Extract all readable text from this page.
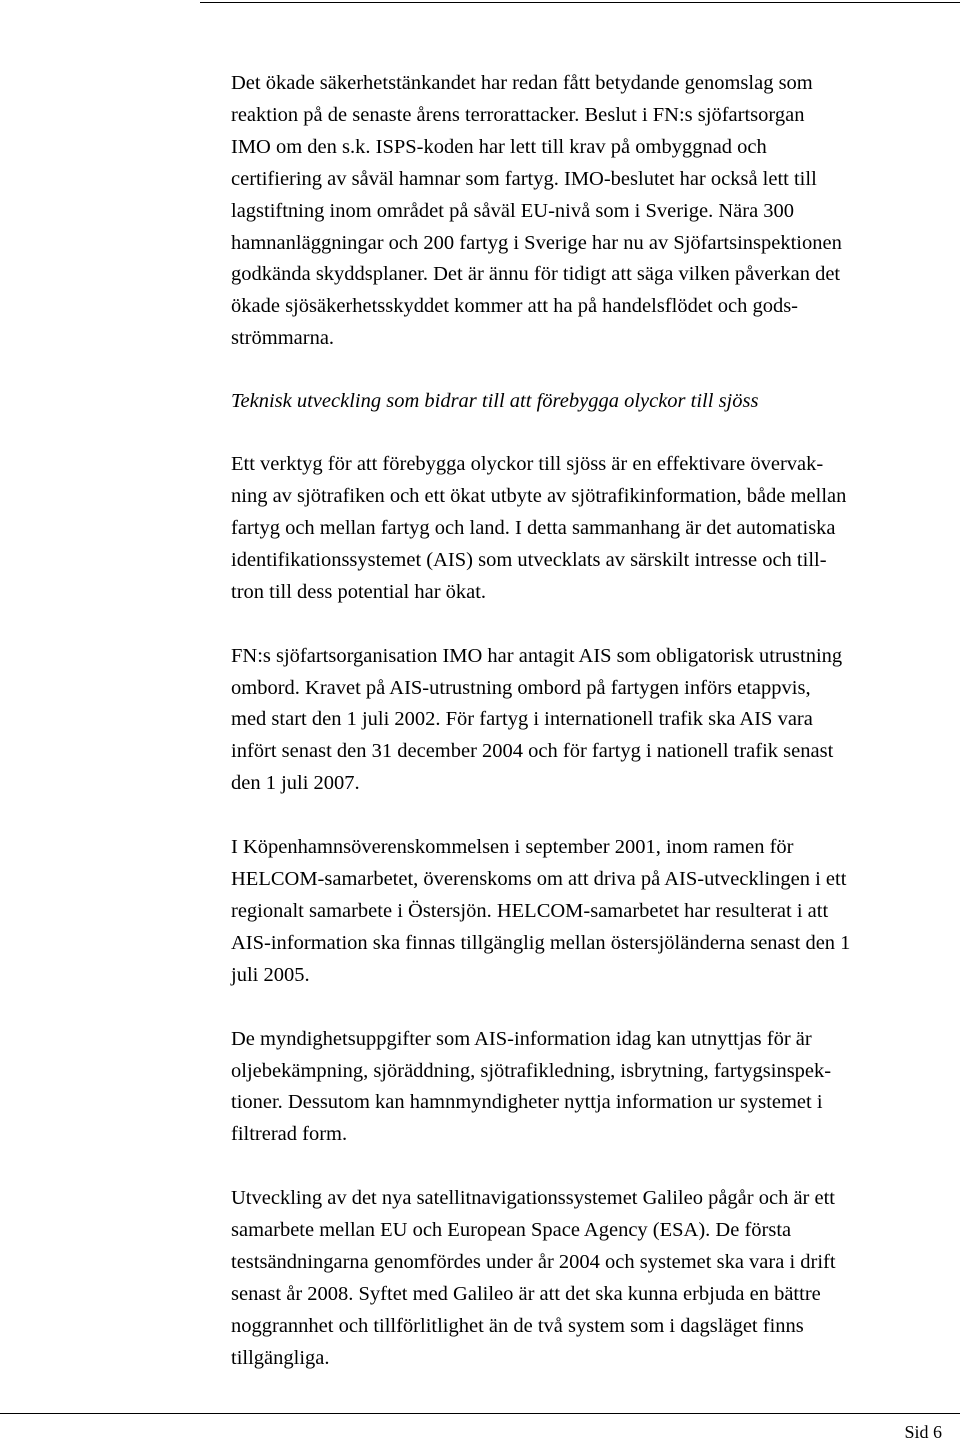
Det ökade säkerhetstänkandet har redan fått betydande genomslag som
reaktion på de senaste årens terrorattacker. Beslut i FN:s sjöfartsorgan
IMO om den s.k. ISPS-koden har lett till krav på ombyggnad och
certifiering av såväl hamnar som fartyg. IMO-beslutet har också lett till
lagstiftning inom området på såväl EU-nivå som i Sverige. Nära 300
hamnanläggningar och 200 fartyg i Sverige har nu av Sjöfartsinspektionen
godkända skyddsplaner. Det är ännu för tidigt att säga vilken påverkan det
ökade sjösäkerhetsskyddet kommer att ha på handelsflödet och gods-
strömmarna.
Teknisk utveckling som bidrar till att förebygga olyckor till sjöss
Ett verktyg för att förebygga olyckor till sjöss är en effektivare övervak-
ning av sjötrafiken och ett ökat utbyte av sjötrafikinformation, både mellan
fartyg och mellan fartyg och land. I detta sammanhang är det automatiska
identifikationssystemet (AIS) som utvecklats av särskilt intresse och till-
tron till dess potential har ökat.
FN:s sjöfartsorganisation IMO har antagit AIS som obligatorisk utrustning
ombord. Kravet på AIS-utrustning ombord på fartygen införs etappvis,
med start den 1 juli 2002. För fartyg i internationell trafik ska AIS vara
infört senast den 31 december 2004 och för fartyg i nationell trafik senast
den 1 juli 2007.
I Köpenhamnsöverenskommelsen i september 2001, inom ramen för
HELCOM-samarbetet, överenskoms om att driva på AIS-utvecklingen i ett
regionalt samarbete i Östersjön. HELCOM-samarbetet har resulterat i att
AIS-information ska finnas tillgänglig mellan östersjöländerna senast den 1
juli 2005.
De myndighetsuppgifter som AIS-information idag kan utnyttjas för är
oljebekämpning, sjöräddning, sjötrafikledning, isbrytning, fartygsinspek-
tioner. Dessutom kan hamnmyndigheter nyttja information ur systemet i
filtrerad form.
Utveckling av det nya satellitnavigationssystemet Galileo pågår och är ett
samarbete mellan EU och European Space Agency (ESA). De första
testsändningarna genomfördes under år 2004 och systemet ska vara i drift
senast år 2008. Syftet med Galileo är att det ska kunna erbjuda en bättre
noggrannhet och tillförlitlighet än de två system som i dagsläget finns
tillgängliga.
Sid 6
